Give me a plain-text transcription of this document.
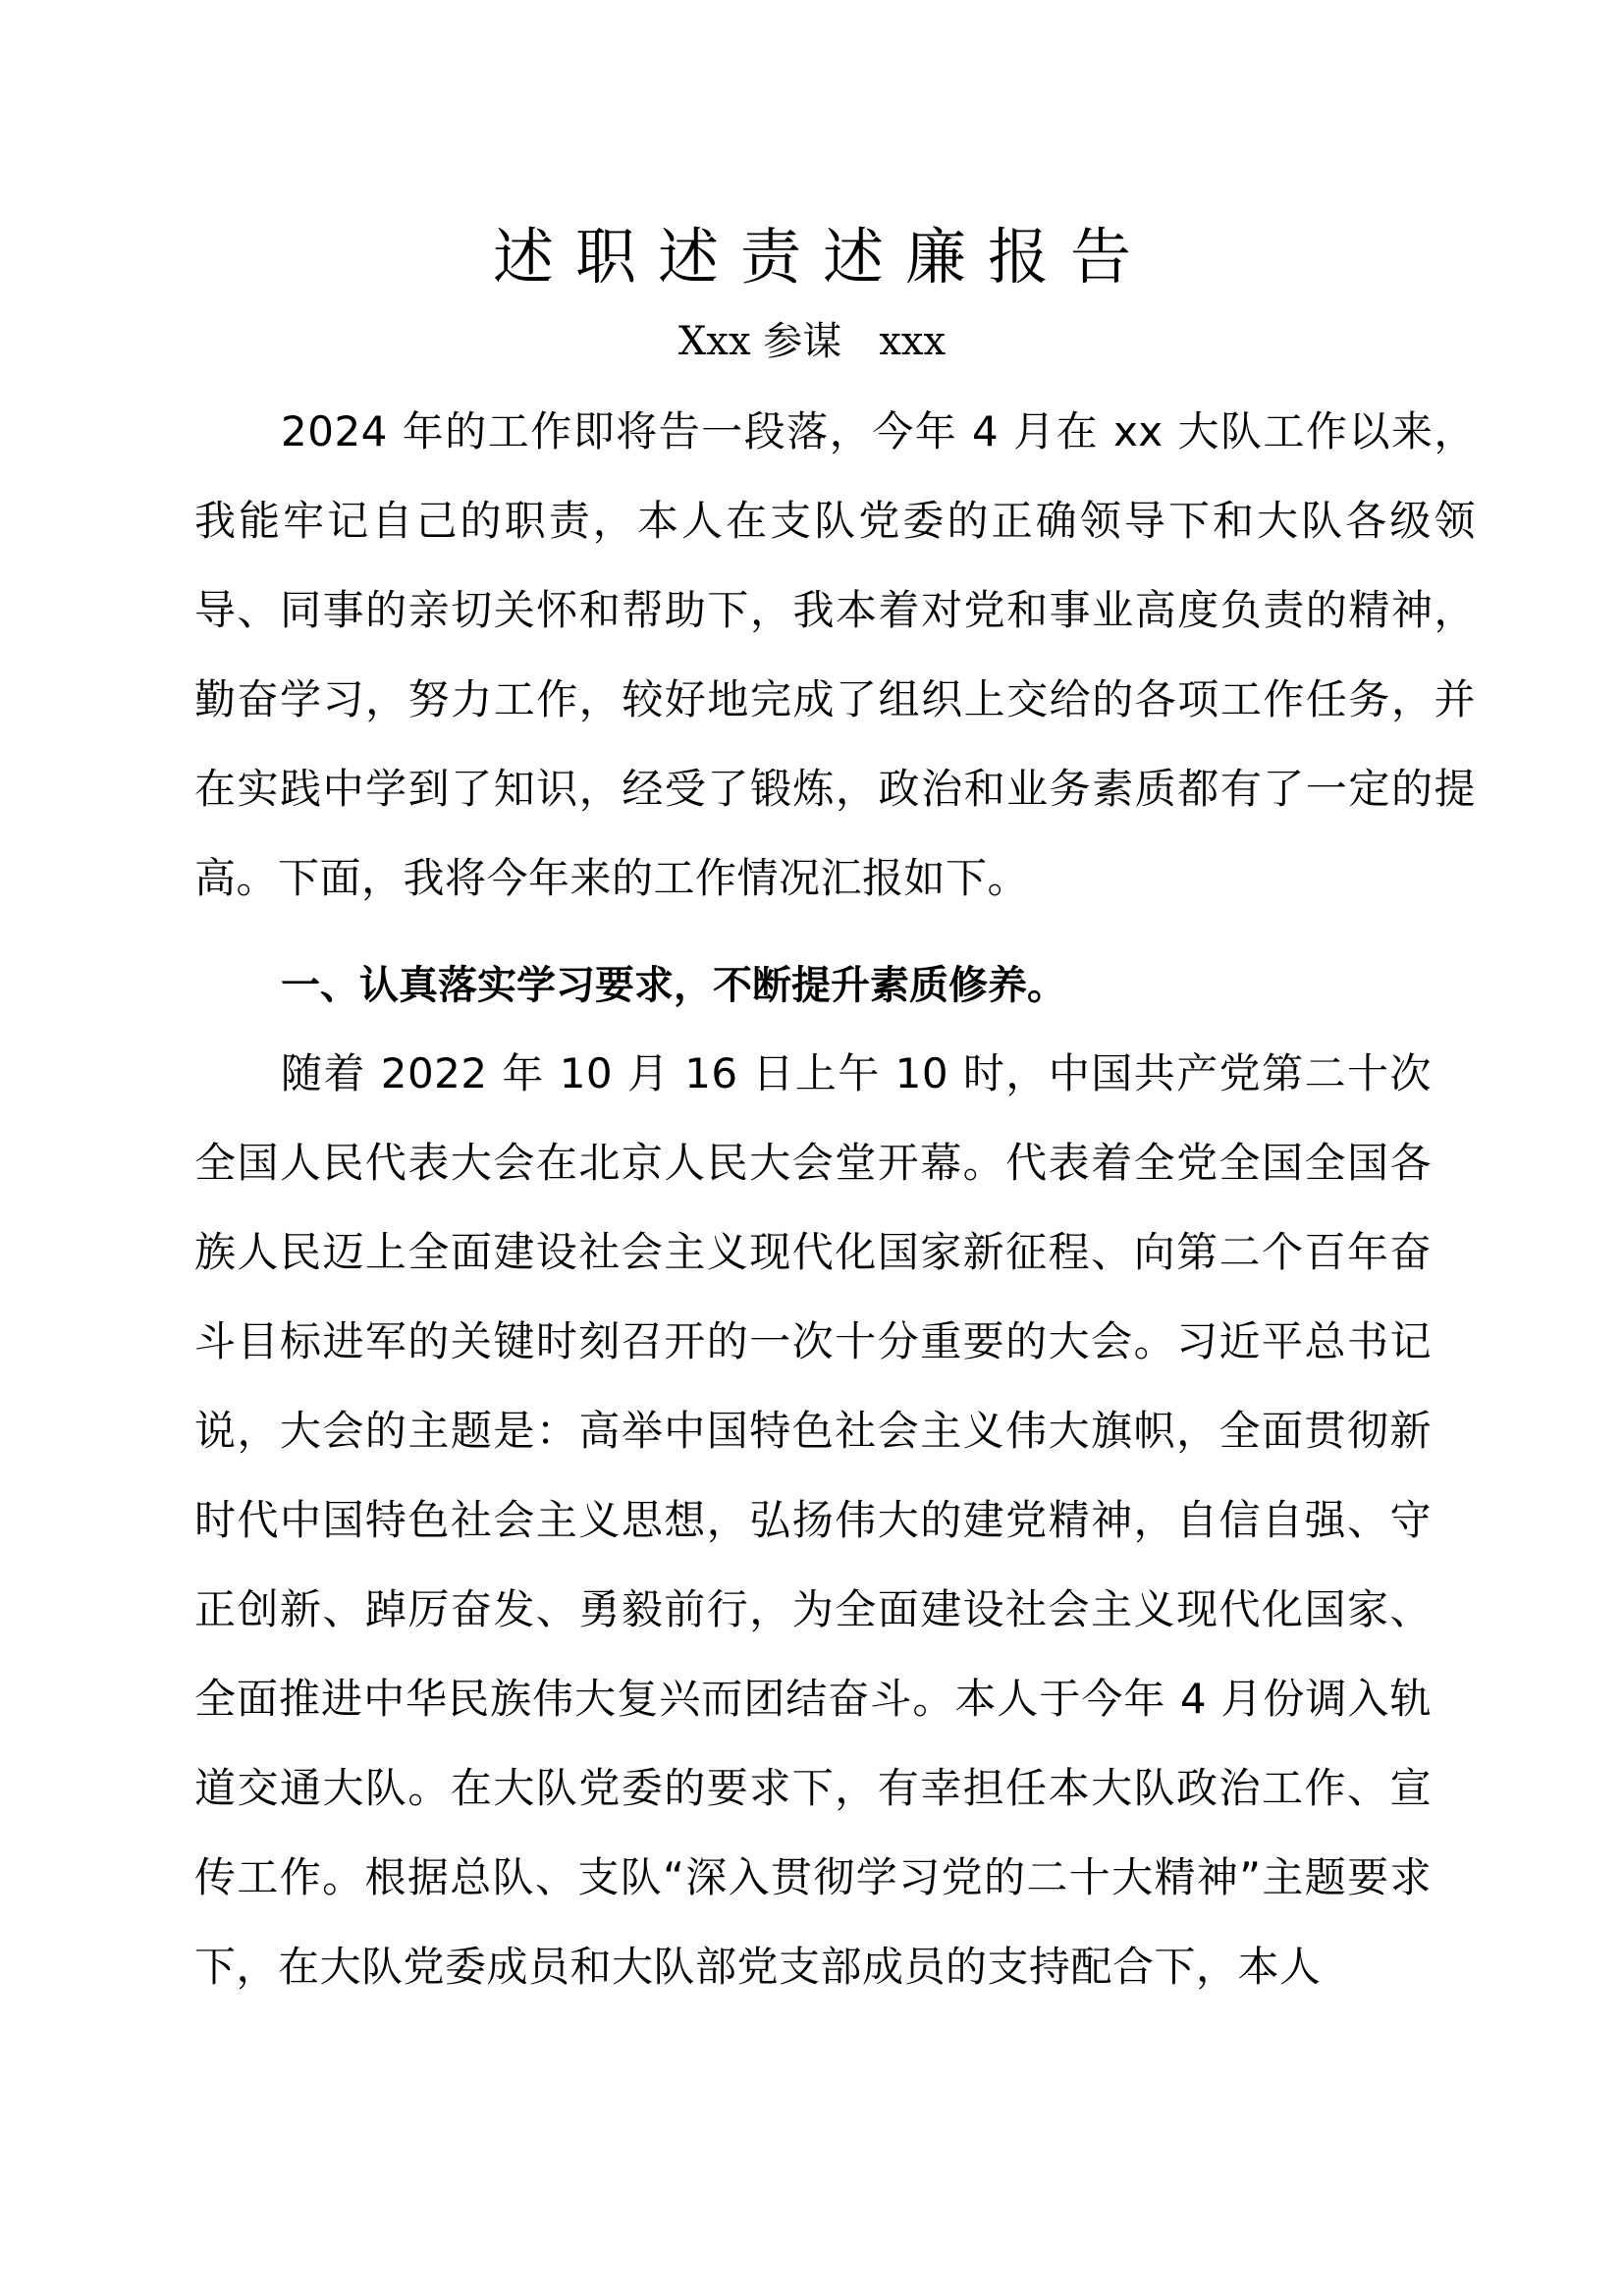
述职述责述廉报告
Xxx 参谋   xxx
2024 年的工作即将告一段落，今年 4 月在 xx 大队工作以来，我能牢记自己的职责，本人在支队党委的正确领导下和大队各级领导、同事的亲切关怀和帮助下，我本着对党和事业高度负责的精神，勤奋学习，努力工作，较好地完成了组织上交给的各项工作任务，并在实践中学到了知识，经受了锻炼，政治和业务素质都有了一定的提高。下面，我将今年来的工作情况汇报如下。
一、认真落实学习要求，不断提升素质修养。
随着 2022 年 10 月 16 日上午 10 时，中国共产党第二十次全国人民代表大会在北京人民大会堂开幕。代表着全党全国全国各族人民迈上全面建设社会主义现代化国家新征程、向第二个百年奋斗目标进军的关键时刻召开的一次十分重要的大会。习近平总书记说，大会的主题是：高举中国特色社会主义伟大旗帜，全面贯彻新时代中国特色社会主义思想，弘扬伟大的建党精神，自信自强、守正创新、踔厉奋发、勇毅前行，为全面建设社会主义现代化国家、全面推进中华民族伟大复兴而团结奋斗。本人于今年 4 月份调入轨道交通大队。在大队党委的要求下，有幸担任本大队政治工作、宣传工作。根据总队、支队“深入贯彻学习党的二十大精神”主题要求下，在大队党委成员和大队部党支部成员的支持配合下，本人
